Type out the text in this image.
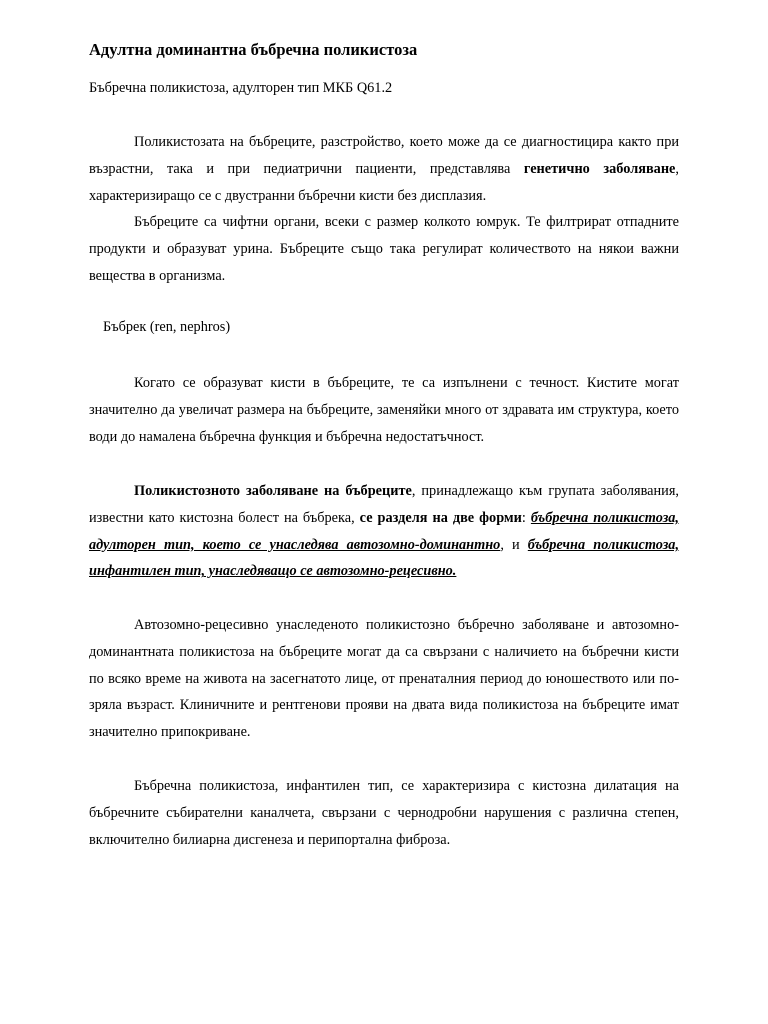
Адултна доминантна бъбречна поликистоза

Бъбречна поликистоза, адулторен тип МКБ Q61.2

Поликистозата на бъбреците, разстройство, което може да се диагностицира както при възрастни, така и при педиатрични пациенти, представлява генетично заболяване, характеризиращо се с двустранни бъбречни кисти без дисплазия.

Бъбреците са чифтни органи, всеки с размер колкото юмрук. Те филтрират отпадните продукти и образуват урина. Бъбреците също така регулират количеството на някои важни вещества в организма.

Бъбрек (ren, nephros)

Когато се образуват кисти в бъбреците, те са изпълнени с течност. Кистите могат значително да увеличат размера на бъбреците, заменяйки много от здравата им структура, което води до намалена бъбречна функция и бъбречна недостатъчност.

Поликистозното заболяване на бъбреците, принадлежащо към групата заболявания, известни като кистозна болест на бъбрека, се разделя на две форми: бъбречна поликистоза, адулторен тип, което се унаследява автозомно-доминантно, и бъбречна поликистоза, инфантилен тип, унаследяващо се автозомно-рецесивно.

Автозомно-рецесивно унаследеното поликистозно бъбречно заболяване и автозомно-доминантната поликистоза на бъбреците могат да са свързани с наличието на бъбречни кисти по всяко време на живота на засегнатото лице, от пренаталния период до юношеството или по-зряла възраст. Клиничните и рентгенови прояви на двата вида поликистоза на бъбреците имат значително припокриване.

Бъбречна поликистоза, инфантилен тип, се характеризира с кистозна дилатация на бъбречните събирателни каналчета, свързани с чернодробни нарушения с различна степен, включително билиарна дисгенеза и перипортална фиброза.
